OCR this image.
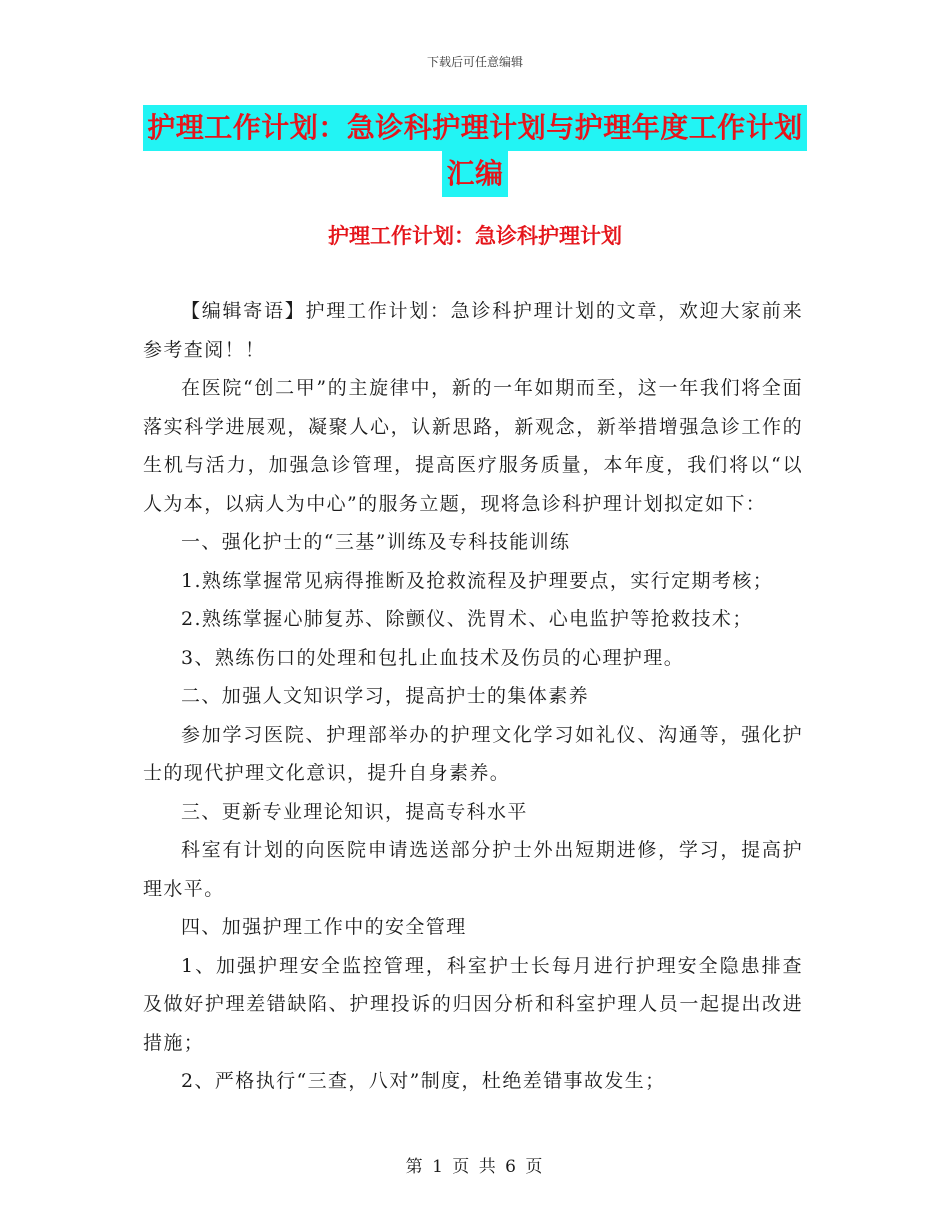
下载后可任意编辑
护理工作计划：急诊科护理计划与护理年度工作计划
汇编
护理工作计划：急诊科护理计划

【编辑寄语】护理工作计划：急诊科护理计划的文章，欢迎大家前来参考查阅！！

在医院“创二甲”的主旋律中，新的一年如期而至，这一年我们将全面落实科学进展观，凝聚人心，认新思路，新观念，新举措增强急诊工作的生机与活力，加强急诊管理，提高医疗服务质量，本年度，我们将以“以人为本，以病人为中心”的服务立题，现将急诊科护理计划拟定如下：

一、强化护士的“三基”训练及专科技能训练

1.熟练掌握常见病得推断及抢救流程及护理要点，实行定期考核；

2.熟练掌握心肺复苏、除颤仪、洗胃术、心电监护等抢救技术；

3、熟练伤口的处理和包扎止血技术及伤员的心理护理。

二、加强人文知识学习，提高护士的集体素养

参加学习医院、护理部举办的护理文化学习如礼仪、沟通等，强化护士的现代护理文化意识，提升自身素养。

三、更新专业理论知识，提高专科水平

科室有计划的向医院申请选送部分护士外出短期进修，学习，提高护理水平。

四、加强护理工作中的安全管理

1、加强护理安全监控管理，科室护士长每月进行护理安全隐患排查及做好护理差错缺陷、护理投诉的归因分析和科室护理人员一起提出改进措施；

2、严格执行“三查，八对”制度，杜绝差错事故发生；

第 1 页 共 6 页
